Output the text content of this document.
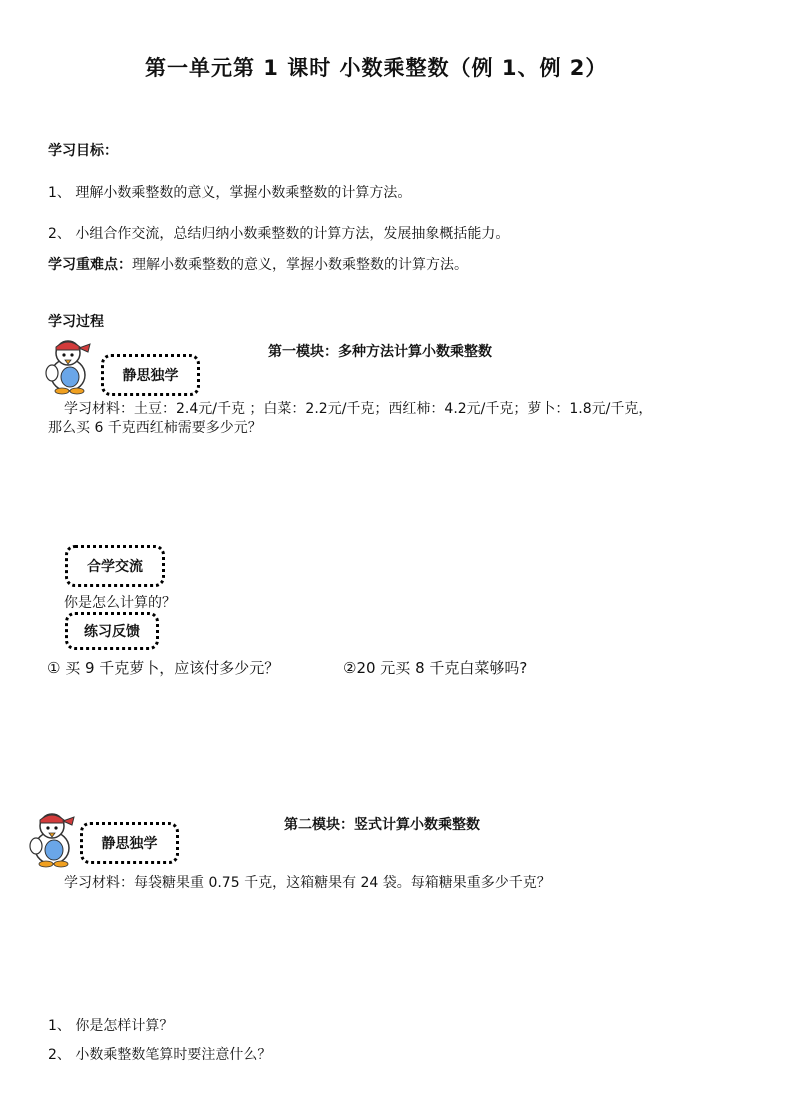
第一单元第 1 课时 小数乘整数（例 1、例 2）
学习目标：
1、 理解小数乘整数的意义，掌握小数乘整数的计算方法。
2、 小组合作交流，总结归纳小数乘整数的计算方法，发展抽象概括能力。
学习重难点：理解小数乘整数的意义，掌握小数乘整数的计算方法。
学习过程
第一模块：多种方法计算小数乘整数
静思独学
学习材料：土豆：2.4元/千克 ；白菜：2.2元/千克；西红柿：4.2元/千克；萝卜：1.8元/千克，
那么买 6 千克西红柿需要多少元？
合学交流
你是怎么计算的？
练习反馈
① 买 9 千克萝卜，应该付多少元？	②20 元买 8 千克白菜够吗?
第二模块：竖式计算小数乘整数
静思独学
学习材料：每袋糖果重 0.75 千克，这箱糖果有 24 袋。每箱糖果重多少千克？
1、 你是怎样计算？
2、 小数乘整数笔算时要注意什么？
